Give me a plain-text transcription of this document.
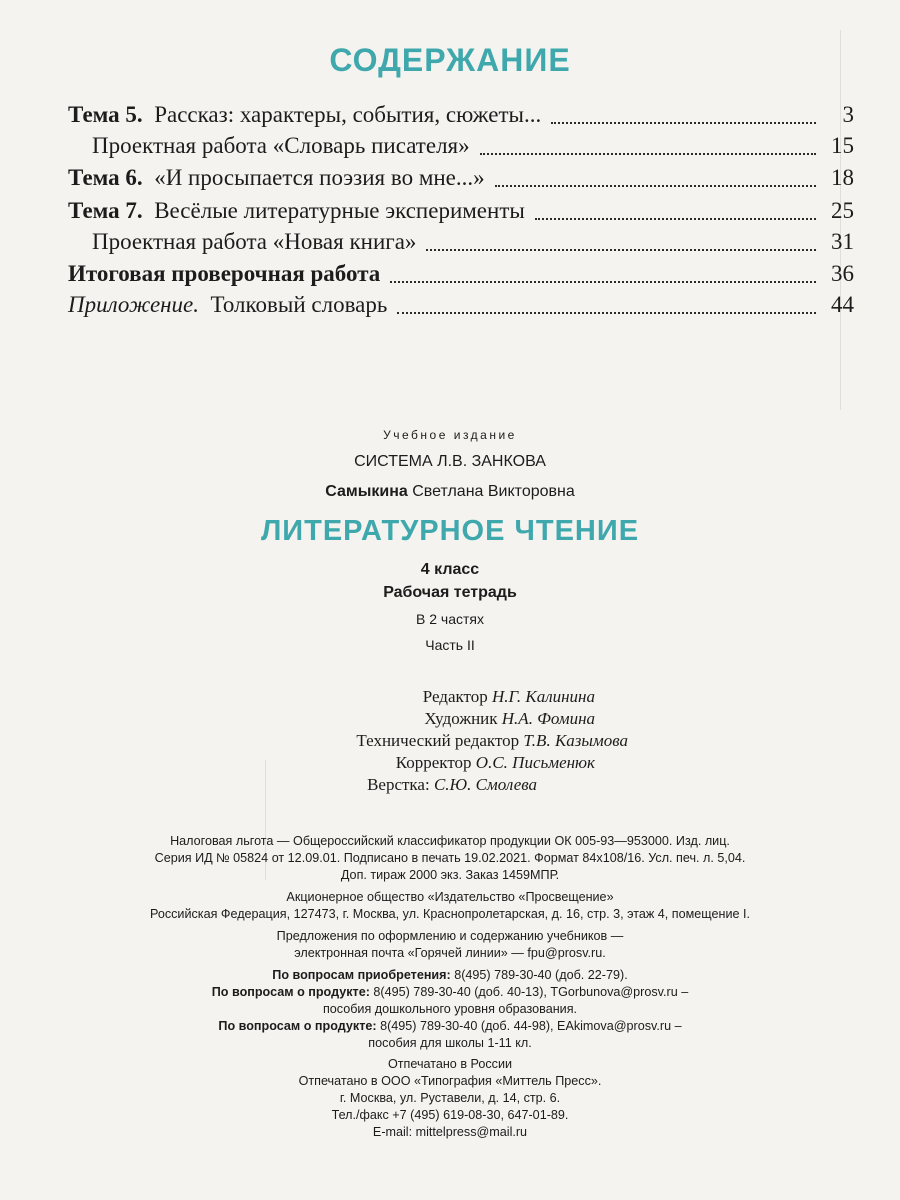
СОДЕРЖАНИЕ
Тема 5. Рассказ: характеры, события, сюжеты...	3
Проектная работа «Словарь писателя»	15
Тема 6. «И просыпается поэзия во мне...»	18
Тема 7. Весёлые литературные эксперименты	25
Проектная работа «Новая книга»	31
Итоговая проверочная работа	36
Приложение. Толковый словарь	44
Учебное издание
СИСТЕМА Л.В. ЗАНКОВА
Самыкина Светлана Викторовна
ЛИТЕРАТУРНОЕ ЧТЕНИЕ
4 класс
Рабочая тетрадь
В 2 частях
Часть II
Редактор Н.Г. Калинина
Художник Н.А. Фомина
Технический редактор Т.В. Казымова
Корректор О.С. Письменюк
Верстка: С.Ю. Смолева
Налоговая льгота — Общероссийский классификатор продукции ОК 005-93—953000. Изд. лиц.
Серия ИД № 05824 от 12.09.01. Подписано в печать 19.02.2021. Формат 84х108/16. Усл. печ. л. 5,04.
Доп. тираж 2000 экз. Заказ 1459МПР.
Акционерное общество «Издательство «Просвещение»
Российская Федерация, 127473, г. Москва, ул. Краснопролетарская, д. 16, стр. 3, этаж 4, помещение I.
Предложения по оформлению и содержанию учебников —
электронная почта «Горячей линии» — fpu@prosv.ru.
По вопросам приобретения: 8(495) 789-30-40 (доб. 22-79).
По вопросам о продукте: 8(495) 789-30-40 (доб. 40-13), TGorbunova@prosv.ru –
пособия дошкольного уровня образования.
По вопросам о продукте: 8(495) 789-30-40 (доб. 44-98), EAkimova@prosv.ru –
пособия для школы 1-11 кл.
Отпечатано в России
Отпечатано в ООО «Типография «Миттель Пресс».
г. Москва, ул. Руставели, д. 14, стр. 6.
Тел./факс +7 (495) 619-08-30, 647-01-89.
E-mail: mittelpress@mail.ru
